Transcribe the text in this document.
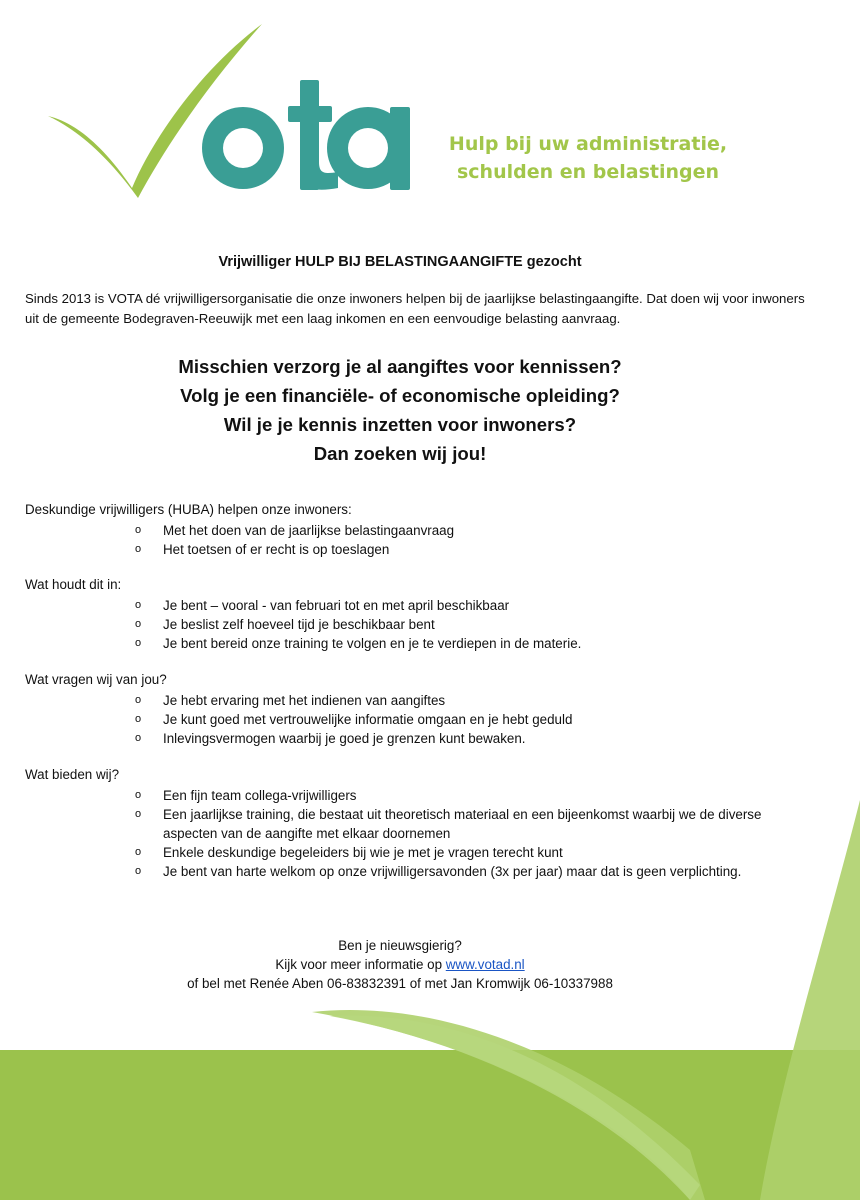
Hulp bij uw administratie,
schulden en belastingen
Vrijwilliger HULP BIJ BELASTINGAANGIFTE gezocht
Sinds 2013 is VOTA dé vrijwilligersorganisatie die onze inwoners helpen bij de jaarlijkse belastingaangifte. Dat doen wij voor inwoners uit de gemeente Bodegraven-Reeuwijk met een laag inkomen en een eenvoudige belasting aanvraag.
Misschien verzorg je al aangiftes voor kennissen?
Volg je een financiële- of economische opleiding?
Wil je je kennis inzetten voor inwoners?
Dan zoeken wij jou!
Deskundige vrijwilligers (HUBA) helpen onze inwoners:
o Met het doen van de jaarlijkse belastingaanvraag
o Het toetsen of er recht is op toeslagen
Wat houdt dit in:
o Je bent – vooral - van februari tot en met april beschikbaar
o Je beslist zelf hoeveel tijd je beschikbaar bent
o Je bent bereid onze training te volgen en je te verdiepen in de materie.
Wat vragen wij van jou?
o Je hebt ervaring met het indienen van aangiftes
o Je kunt goed met vertrouwelijke informatie omgaan en je hebt geduld
o Inlevingsvermogen waarbij je goed je grenzen kunt bewaken.
Wat bieden wij?
o Een fijn team collega-vrijwilligers
o Een jaarlijkse training, die bestaat uit theoretisch materiaal en een bijeenkomst waarbij we de diverse aspecten van de aangifte met elkaar doornemen
o Enkele deskundige begeleiders bij wie je met je vragen terecht kunt
o Je bent van harte welkom op onze vrijwilligersavonden (3x per jaar) maar dat is geen verplichting.
Ben je nieuwsgierig?
Kijk voor meer informatie op www.votad.nl
of bel met Renée Aben 06-83832391 of met Jan Kromwijk 06-10337988
